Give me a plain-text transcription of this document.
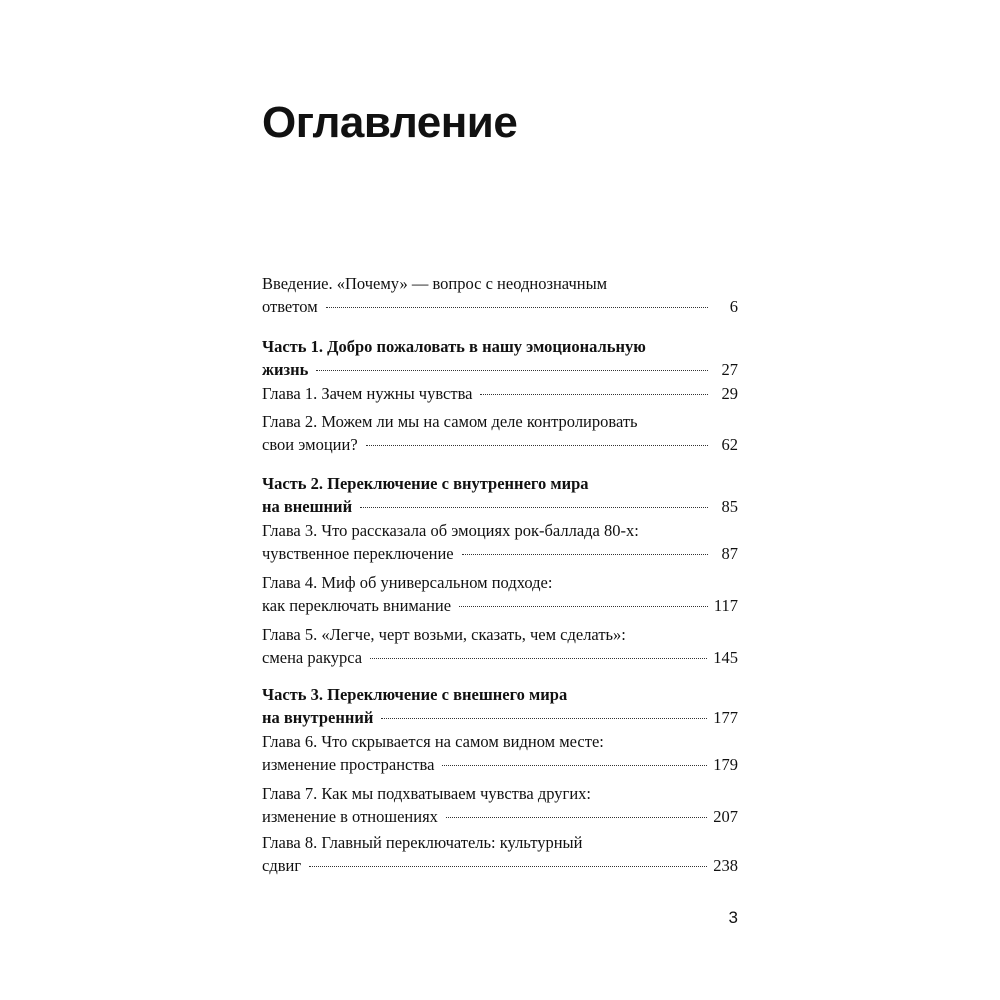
Оглавление
Введение. «Почему» — вопрос с неоднозначным
ответом	6
Часть 1. Добро пожаловать в нашу эмоциональную
жизнь	27
Глава 1. Зачем нужны чувства	29
Глава 2. Можем ли мы на самом деле контролировать
свои эмоции?	62
Часть 2. Переключение с внутреннего мира
на внешний	85
Глава 3. Что рассказала об эмоциях рок-баллада 80-х:
чувственное переключение	87
Глава 4. Миф об универсальном подходе:
как переключать внимание	117
Глава 5. «Легче, черт возьми, сказать, чем сделать»:
смена ракурса	145
Часть 3. Переключение с внешнего мира
на внутренний	177
Глава 6. Что скрывается на самом видном месте:
изменение пространства	179
Глава 7. Как мы подхватываем чувства других:
изменение в отношениях	207
Глава 8. Главный переключатель: культурный
сдвиг	238
3
